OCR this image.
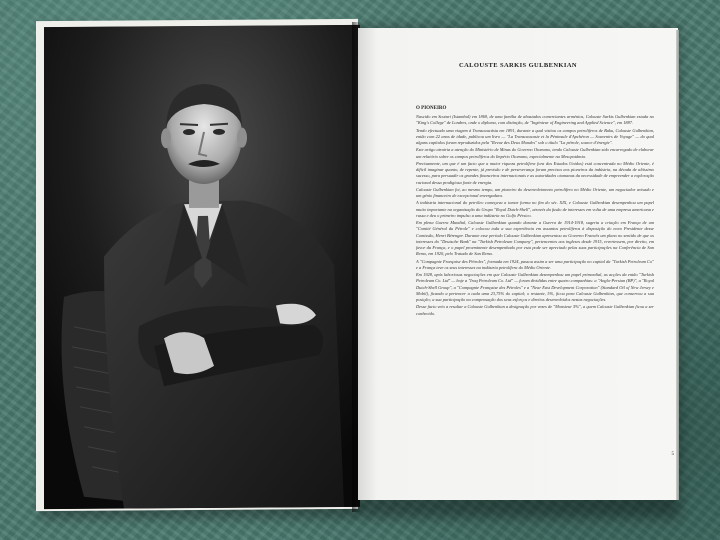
CALOUSTE SARKIS GULBENKIAN
O PIONEIRO

Nascido em Scutari (Istambul) em 1869, de uma família de abastados comerciantes arménios, Calouste Sarkis Gulbenkian estuda no "King's College" de Londres, onde o diploma, com distinção, de "Ingénieur of Engineering and Applied Science", em 1887.

Tendo efectuado uma viagem à Transcaucásia em 1891, durante a qual visitou os campos petrolíferos de Baku, Calouste Gulbenkian, então com 22 anos de idade, publicou um livro — "La Transcaucasie et la Péninsule d'Apchéron — Souvenirs de Voyage" — do qual alguns capítulos foram reproduzidos pela "Revue des Deux Mondes" sob o título "La pétrole, source d'énergie".

Este artigo atrairia a atenção do Ministério de Minas do Governo Otomano, tendo Calouste Gulbenkian sido encarregado de elaborar um relatório sobre os campos petrolíferos do Império Otomano, especialmente na Mesopotâmia.

Precisamente, um que é um facto que a maior riqueza petrolífera fora dos Estados Unidos) está concentrada no Médio Oriente, é difícil imaginar quanto, de repente, já previsão e de perseverança foram precisos aos pioneiros da indústria, na década de altíssimo sucesso, para persuadir os grandes financeiros internacionais e as autoridades otomanas da necessidade de empreender a exploração racional dessa prodigiosa fonte de energia.

Calouste Gulbenkian foi, ao mesmo tempo, um pioneiro do desenvolvimento petrolífero no Médio Oriente, um negociador avisado e um génio financeiro de excepcional envergadura.

A indústria internacional do petróleo começava a tomar forma no fim do séc. XIX, e Calouste Gulbenkian desempenhou um papel muito importante na organização do Grupo "Royal Dutch-Shell", através da fusão de interesses em volta de uma empresa americana e russa e deu o primeiro impulso a uma indústria no Golfo Pérsico.

Em plena Guerra Mundial, Calouste Gulbenkian quando durante a Guerra de 1914-1918, sugeriu a criação em França de um "Comité Général du Pétrole" e colocou toda a sua experiência em assuntos petrolíferos à disposição do novo Presidente desse Comissão, Henri Bérenger. Durante esse período Calouste Gulbenkian apresentou ao Governo Francês um plano no sentido de que os interesses do "Deutsche Bank" na "Turkish Petroleum Company", pertencentes aos ingleses desde 1915, revertessem, por direito, em favor da França, e o papel proeminente desempenhado por esta pode ser apreciado pelas suas participações na Conferência de San Remo, em 1920, pelo Tratado de San Remo.

A "Compagnie Française des Pétroles", formada em 1924, passou assim a ser uma participação no capital da "Turkish Petroleum Co" e a França teve os seus interesses na indústria petrolífera do Médio Oriente.

Em 1928, após laboriosas negociações em que Calouste Gulbenkian desempenhou um papel primordial, as acções da então "Turkish Petroleum Co. Ltd" — hoje a "Iraq Petroleum Co. Ltd" — foram divididas entre quatro companhias: a "Anglo-Persian (BP)", a "Royal Dutch-Shell Group", a "Compagnie Française des Pétroles" e a "Near East Development Corporation" (Standard Oil of New Jersey e Mobil), ficando a pertencer a cada uma 23,75% do capital; o restante, 5%, ficou para Calouste Gulbenkian, que conservou a sua posição; a sua participação na compensação dos seus esforços e direitos desenvolvidos nestas negociações.

Desse facto veio a resultar a Calouste Gulbenkian a designação por vezes de "Monsieur 5%", a quem Calouste Gulbenkian ficou a ser conhecido.

5
